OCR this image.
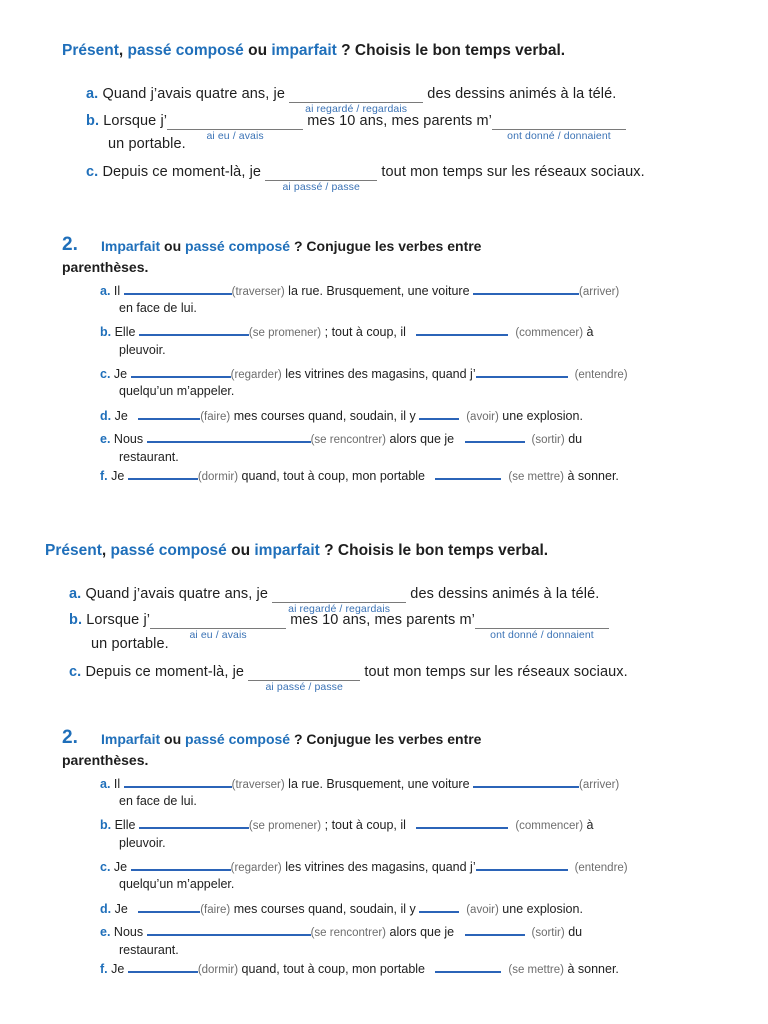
Présent, passé composé ou imparfait ? Choisis le bon temps verbal.
a. Quand j’avais quatre ans, je
ai regardé / regardais
des dessins animés à la télé.
b. Lorsque j’
ai eu / avais
mes 10 ans, mes parents m’
ont donné / donnaient

un portable.
c. Depuis ce moment-là, je
ai passé / passe
tout mon temps sur les réseaux sociaux.
2. Imparfait ou passé composé ? Conjugue les verbes entre
parenthèses.
a. Il	(traverser) la rue. Brusquement, une voiture	(arriver)
en face de lui.
b. Elle	(se promener) ; tout à coup, il	(commencer) à
pleuvoir.
c. Je	(regarder) les vitrines des magasins, quand j’	(entendre)
quelqu’un m’appeler.
d. Je	(faire) mes courses quand, soudain, il y	(avoir) une explosion.
e. Nous	(se rencontrer) alors que je	(sortir) du
restaurant.
f. Je	(dormir) quand, tout à coup, mon portable	(se mettre) à sonner.
Présent, passé composé ou imparfait ? Choisis le bon temps verbal.
a. Quand j’avais quatre ans, je
ai regardé / regardais
des dessins animés à la télé.
b. Lorsque j’
ai eu / avais
mes 10 ans, mes parents m’
ont donné / donnaient

un portable.
c. Depuis ce moment-là, je
ai passé / passe
tout mon temps sur les réseaux sociaux.
2. Imparfait ou passé composé ? Conjugue les verbes entre
parenthèses.
a. Il	(traverser) la rue. Brusquement, une voiture	(arriver)
en face de lui.
b. Elle	(se promener) ; tout à coup, il	(commencer) à
pleuvoir.
c. Je	(regarder) les vitrines des magasins, quand j’	(entendre)
quelqu’un m’appeler.
d. Je	(faire) mes courses quand, soudain, il y	(avoir) une explosion.
e. Nous	(se rencontrer) alors que je	(sortir) du
restaurant.
f. Je	(dormir) quand, tout à coup, mon portable	(se mettre) à sonner.
